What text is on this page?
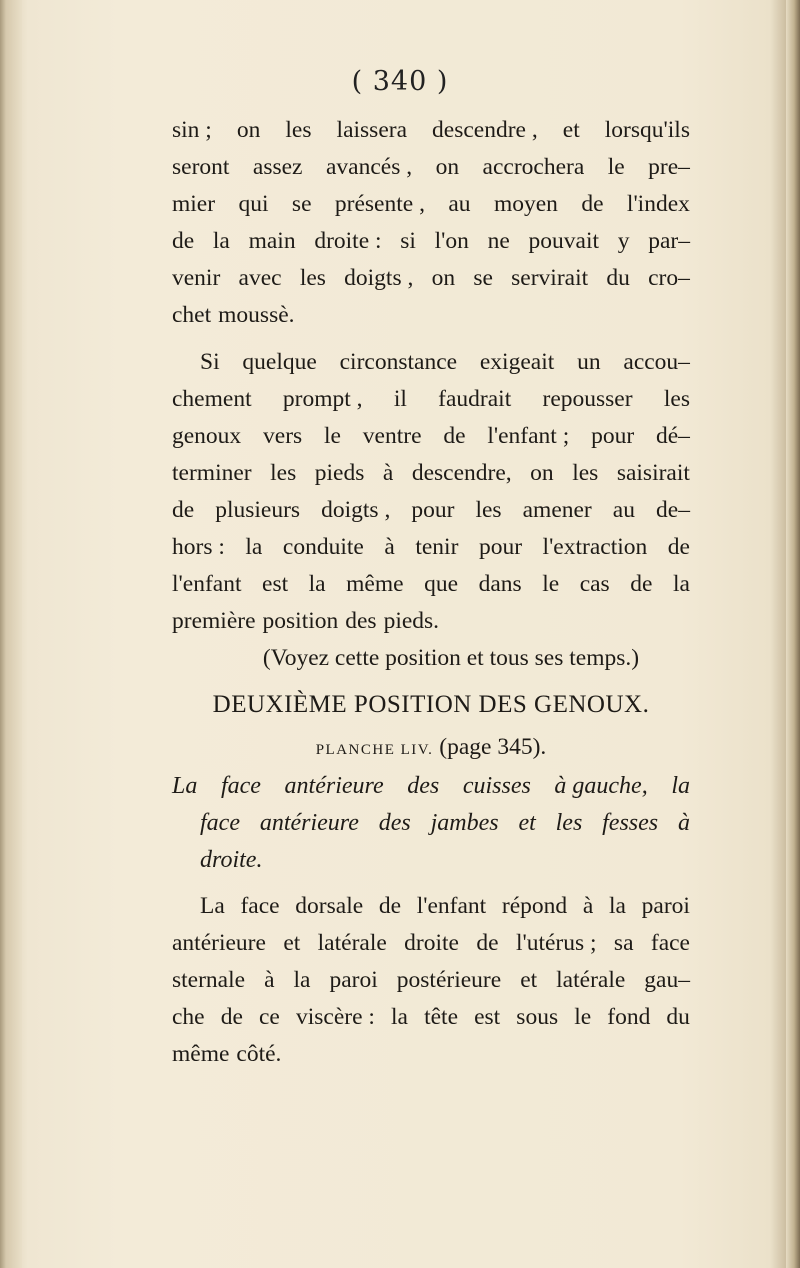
( 340 )
sin ; on les laissera descendre , et lorsqu'ils
seront assez avancés , on accrochera le pre–
mier qui se présente , au moyen de l'index
de la main droite : si l'on ne pouvait y par–
venir avec les doigts , on se servirait du cro–
chet moussè.
Si quelque circonstance exigeait un accou–
chement prompt , il faudrait repousser les
genoux vers le ventre de l'enfant ; pour dé–
terminer les pieds à descendre, on les saisirait
de plusieurs doigts , pour les amener au de–
hors : la conduite à tenir pour l'extraction de
l'enfant est la même que dans le cas de la
première position des pieds.
(Voyez cette position et tous ses temps.)
DEUXIÈME POSITION DES GENOUX.
PLANCHE LIV. (page 345).
La face antérieure des cuisses à gauche, la
face antérieure des jambes et les fesses à
droite.
La face dorsale de l'enfant répond à la paroi
antérieure et latérale droite de l'utérus ; sa face
sternale à la paroi postérieure et latérale gau–
che de ce viscère : la tête est sous le fond du
même côté.
